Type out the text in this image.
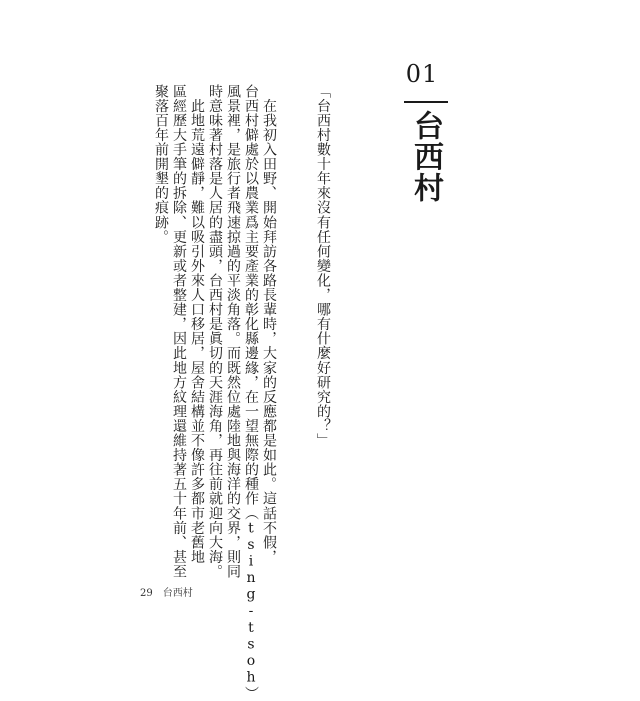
01
台西村
「台西村數十年來沒有任何變化，哪有什麼好研究的？」
　在我初入田野、開始拜訪各路長輩時，大家的反應都是如此。這話不假，
台西村僻處於以農業爲主要產業的彰化縣邊緣，在一望無際的種作（tsing-tsoh）
風景裡，是旅行者飛速掠過的平淡角落。而既然位處陸地與海洋的交界，則同
時意味著村落是人居的盡頭，台西村是眞切的天涯海角，再往前就迎向大海。
　此地荒遠僻靜，難以吸引外來人口移居，屋舍結構並不像許多都市老舊地
區經歷大手筆的拆除、更新或者整建，因此地方紋理還維持著五十年前、甚至
聚落百年前開墾的痕跡。
29 台西村
